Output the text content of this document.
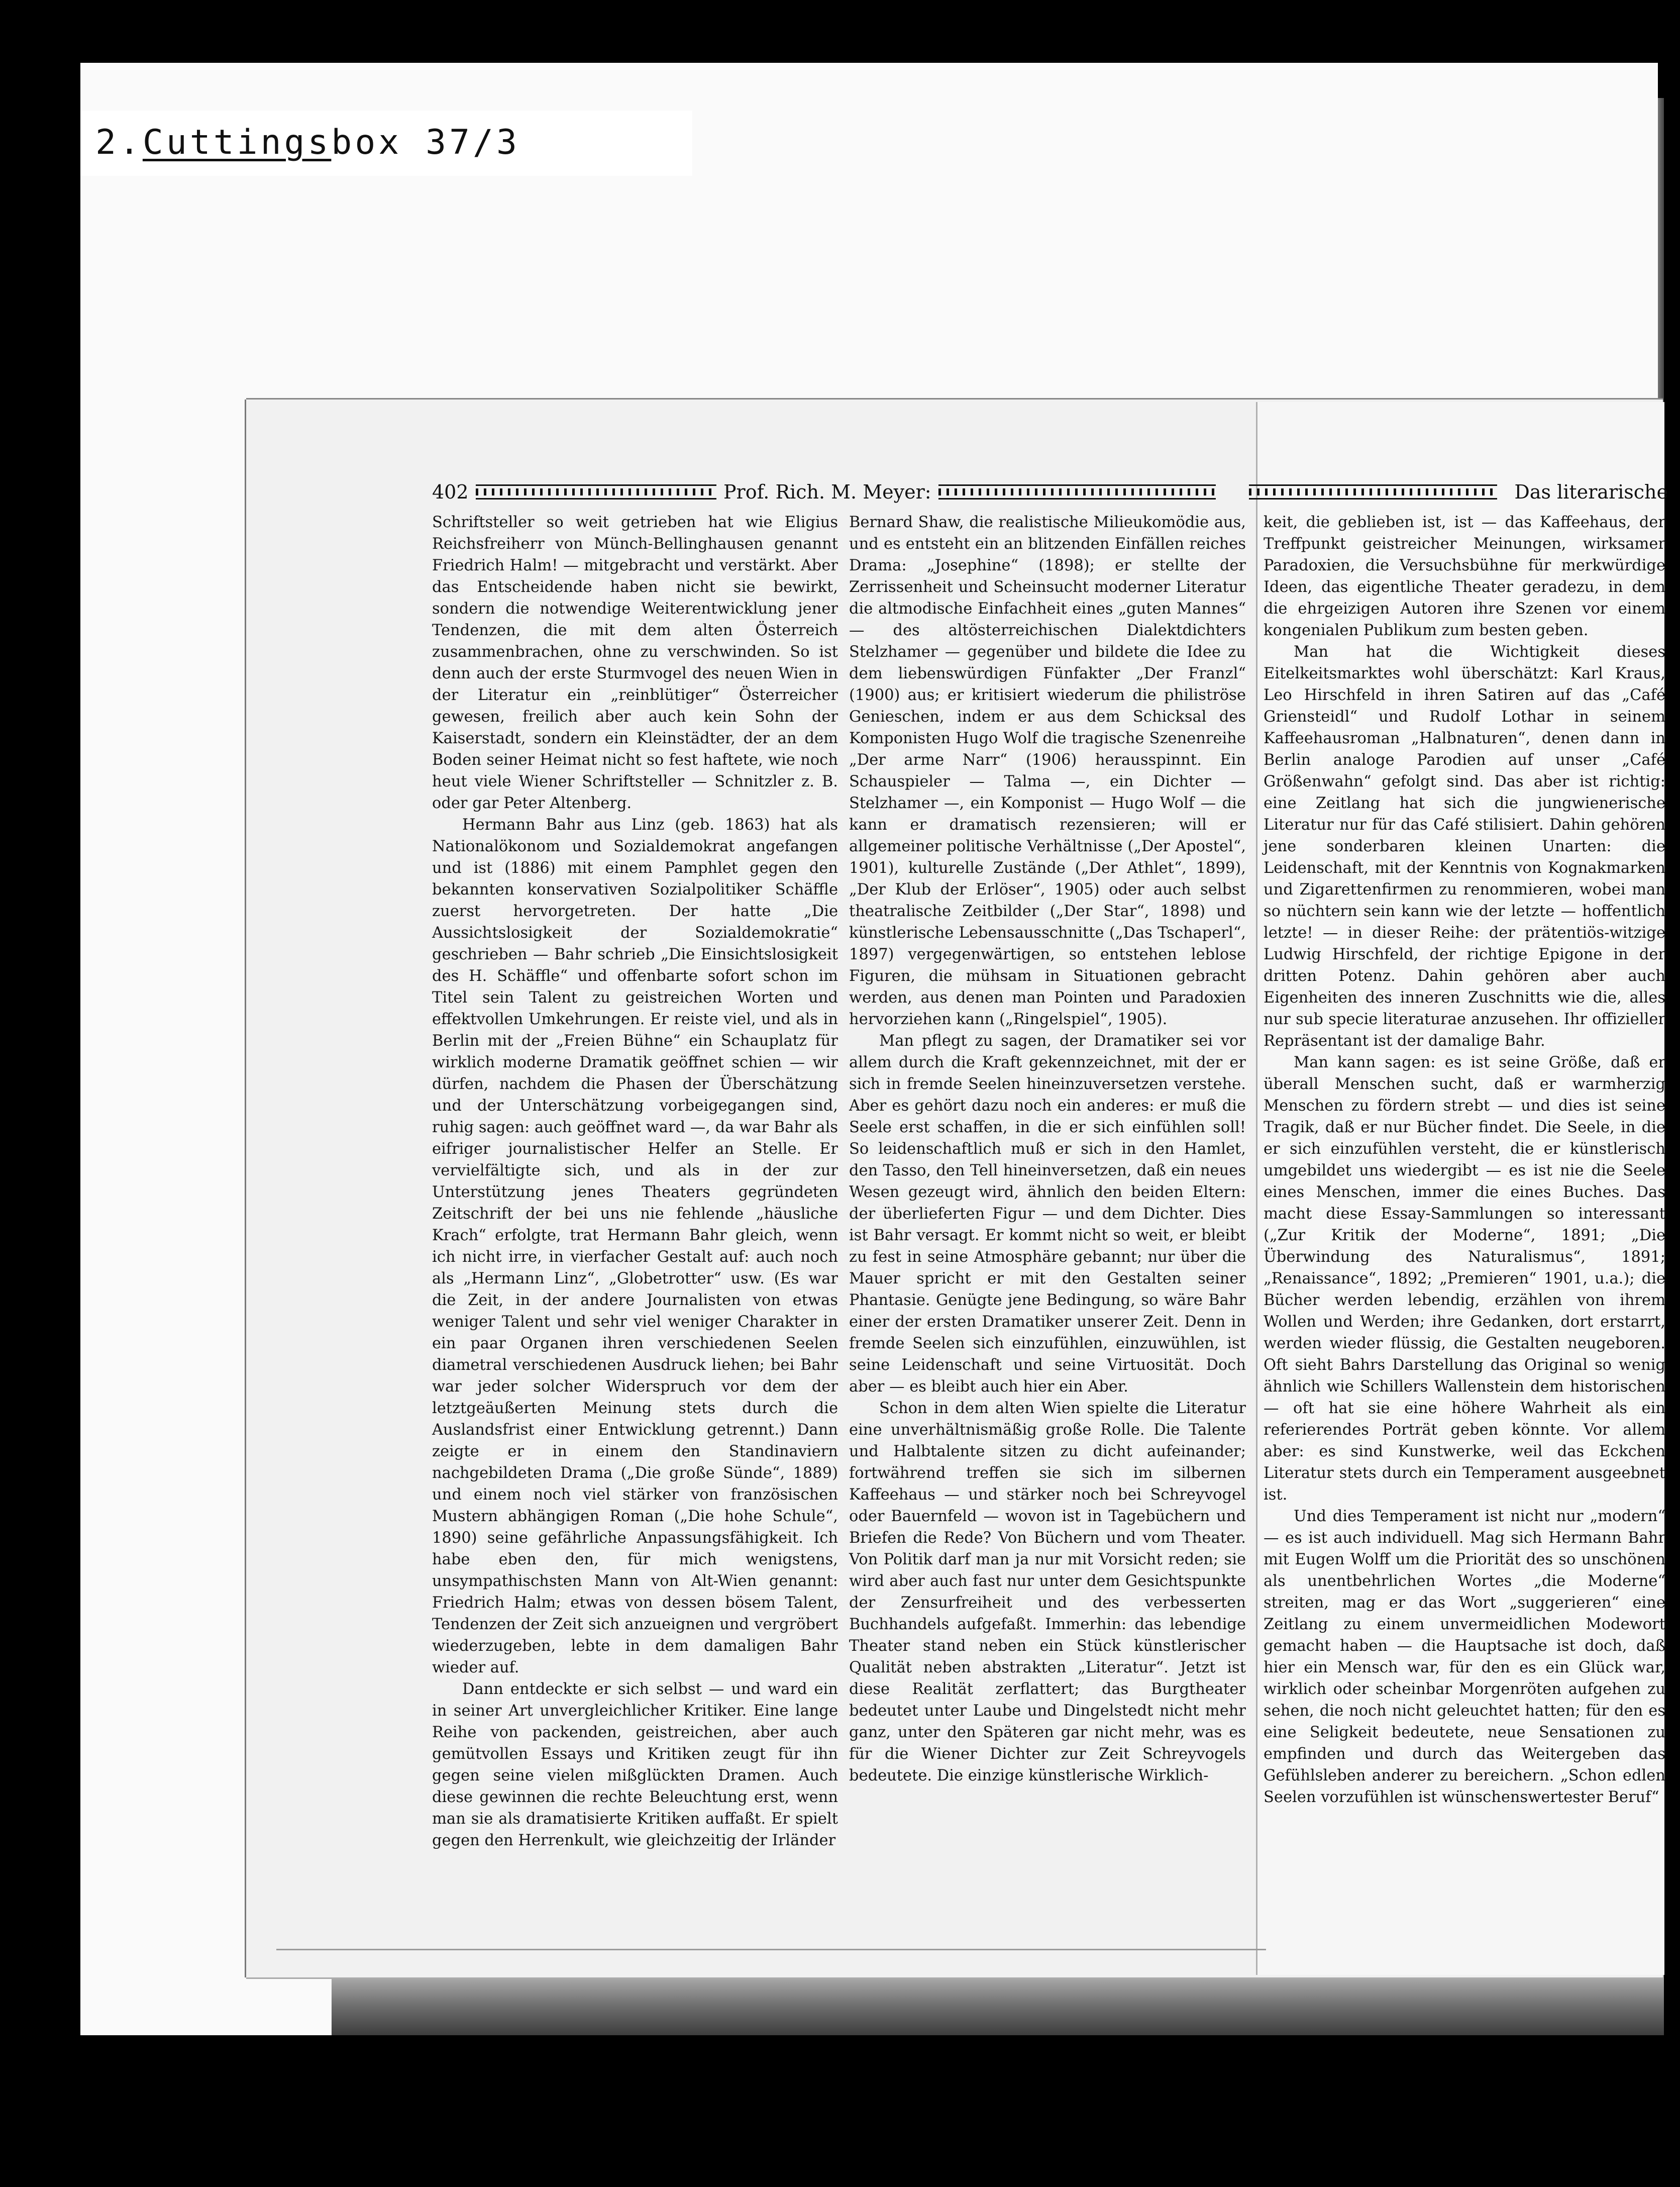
2. Cuttings box 37/3
402	Prof. Rich. M. Meyer:	Das literarische

Schriftsteller so weit getrieben hat wie Eligius Reichsfreiherr von Münch-Bellinghausen genannt Friedrich Halm! — mitgebracht und verstärkt. Aber das Entscheidende haben nicht sie bewirkt, sondern die notwendige Weiterentwicklung jener Tendenzen, die mit dem alten Österreich zusammenbrachen, ohne zu verschwinden. So ist denn auch der erste Sturmvogel des neuen Wien in der Literatur ein „reinblütiger“ Österreicher gewesen, freilich aber auch kein Sohn der Kaiserstadt, sondern ein Kleinstädter, der an dem Boden seiner Heimat nicht so fest haftete, wie noch heut viele Wiener Schriftsteller — Schnitzler z. B. oder gar Peter Altenberg.

Hermann Bahr aus Linz (geb. 1863) hat als Nationalökonom und Sozialdemokrat angefangen und ist (1886) mit einem Pamphlet gegen den bekannten konservativen Sozialpolitiker Schäffle zuerst hervorgetreten. Der hatte „Die Aussichtslosigkeit der Sozialdemokratie“ geschrieben — Bahr schrieb „Die Einsichtslosigkeit des H. Schäffle“ und offenbarte sofort schon im Titel sein Talent zu geistreichen Worten und effektvollen Umkehrungen. Er reiste viel, und als in Berlin mit der „Freien Bühne“ ein Schauplatz für wirklich moderne Dramatik geöffnet schien — wir dürfen, nachdem die Phasen der Überschätzung und der Unterschätzung vorbeigegangen sind, ruhig sagen: auch geöffnet ward —, da war Bahr als eifriger journalistischer Helfer an Stelle. Er vervielfältigte sich, und als in der zur Unterstützung jenes Theaters gegründeten Zeitschrift der bei uns nie fehlende „häusliche Krach“ erfolgte, trat Hermann Bahr gleich, wenn ich nicht irre, in vierfacher Gestalt auf: auch noch als „Hermann Linz“, „Globetrotter“ usw. (Es war die Zeit, in der andere Journalisten von etwas weniger Talent und sehr viel weniger Charakter in ein paar Organen ihren verschiedenen Seelen diametral verschiedenen Ausdruck liehen; bei Bahr war jeder solcher Widerspruch vor dem der letztgeäußerten Meinung stets durch die Auslandsfrist einer Entwicklung getrennt.) Dann zeigte er in einem den Standinaviern nachgebildeten Drama („Die große Sünde“, 1889) und einem noch viel stärker von französischen Mustern abhängigen Roman („Die hohe Schule“, 1890) seine gefährliche Anpassungsfähigkeit. Ich habe eben den, für mich wenigstens, unsympathischsten Mann von Alt-Wien genannt: Friedrich Halm; etwas von dessen bösem Talent, Tendenzen der Zeit sich anzueignen und vergröbert wiederzugeben, lebte in dem damaligen Bahr wieder auf.

Dann entdeckte er sich selbst — und ward ein in seiner Art unvergleichlicher Kritiker. Eine lange Reihe von packenden, geistreichen, aber auch gemütvollen Essays und Kritiken zeugt für ihn gegen seine vielen mißglückten Dramen. Auch diese gewinnen die rechte Beleuchtung erst, wenn man sie als dramatisierte Kritiken auffaßt. Er spielt gegen den Herrenkult, wie gleichzeitig der Irländer

Bernard Shaw, die realistische Milieukomödie aus, und es entsteht ein an blitzenden Einfällen reiches Drama: „Josephine“ (1898); er stellte der Zerrissenheit und Scheinsucht moderner Literatur die altmodische Einfachheit eines „guten Mannes“ — des altösterreichischen Dialektdichters Stelzhamer — gegenüber und bildete die Idee zu dem liebenswürdigen Fünfakter „Der Franzl“ (1900) aus; er kritisiert wiederum die philiströse Genieschen, indem er aus dem Schicksal des Komponisten Hugo Wolf die tragische Szenenreihe „Der arme Narr“ (1906) herausspinnt. Ein Schauspieler — Talma —, ein Dichter — Stelzhamer —, ein Komponist — Hugo Wolf — die kann er dramatisch rezensieren; will er allgemeiner politische Verhältnisse („Der Apostel“, 1901), kulturelle Zustände („Der Athlet“, 1899), „Der Klub der Erlöser“, 1905) oder auch selbst theatralische Zeitbilder („Der Star“, 1898) und künstlerische Lebensausschnitte („Das Tschaperl“, 1897) vergegenwärtigen, so entstehen leblose Figuren, die mühsam in Situationen gebracht werden, aus denen man Pointen und Paradoxien hervorziehen kann („Ringelspiel“, 1905).

Man pflegt zu sagen, der Dramatiker sei vor allem durch die Kraft gekennzeichnet, mit der er sich in fremde Seelen hineinzuversetzen verstehe. Aber es gehört dazu noch ein anderes: er muß die Seele erst schaffen, in die er sich einfühlen soll! So leidenschaftlich muß er sich in den Hamlet, den Tasso, den Tell hineinversetzen, daß ein neues Wesen gezeugt wird, ähnlich den beiden Eltern: der überlieferten Figur — und dem Dichter. Dies ist Bahr versagt. Er kommt nicht so weit, er bleibt zu fest in seine Atmosphäre gebannt; nur über die Mauer spricht er mit den Gestalten seiner Phantasie. Genügte jene Bedingung, so wäre Bahr einer der ersten Dramatiker unserer Zeit. Denn in fremde Seelen sich einzufühlen, einzuwühlen, ist seine Leidenschaft und seine Virtuosität. Doch aber — es bleibt auch hier ein Aber.

Schon in dem alten Wien spielte die Literatur eine unverhältnismäßig große Rolle. Die Talente und Halbtalente sitzen zu dicht aufeinander; fortwährend treffen sie sich im silbernen Kaffeehaus — und stärker noch bei Schreyvogel oder Bauernfeld — wovon ist in Tagebüchern und Briefen die Rede? Von Büchern und vom Theater. Von Politik darf man ja nur mit Vorsicht reden; sie wird aber auch fast nur unter dem Gesichtspunkte der Zensurfreiheit und des verbesserten Buchhandels aufgefaßt. Immerhin: das lebendige Theater stand neben ein Stück künstlerischer Qualität neben abstrakten „Literatur“. Jetzt ist diese Realität zerflattert; das Burgtheater bedeutet unter Laube und Dingelstedt nicht mehr ganz, unter den Späteren gar nicht mehr, was es für die Wiener Dichter zur Zeit Schreyvogels bedeutete. Die einzige künstlerische Wirklich-

keit, die geblieben ist, ist — das Kaffeehaus, der Treffpunkt geistreicher Meinungen, wirksamer Paradoxien, die Versuchsbühne für merkwürdige Ideen, das eigentliche Theater geradezu, in dem die ehrgeizigen Autoren ihre Szenen vor einem kongenialen Publikum zum besten geben.

Man hat die Wichtigkeit dieses Eitelkeitsmarktes wohl überschätzt: Karl Kraus, Leo Hirschfeld in ihren Satiren auf das „Café Griensteidl“ und Rudolf Lothar in seinem Kaffeehausroman „Halbnaturen“, denen dann in Berlin analoge Parodien auf unser „Café Größenwahn“ gefolgt sind. Das aber ist richtig: eine Zeitlang hat sich die jungwienerische Literatur nur für das Café stilisiert. Dahin gehören jene sonderbaren kleinen Unarten: die Leidenschaft, mit der Kenntnis von Kognakmarken und Zigarettenfirmen zu renommieren, wobei man so nüchtern sein kann wie der letzte — hoffentlich letzte! — in dieser Reihe: der prätentiös-witzige Ludwig Hirschfeld, der richtige Epigone in der dritten Potenz. Dahin gehören aber auch Eigenheiten des inneren Zuschnitts wie die, alles nur sub specie literaturae anzusehen. Ihr offizieller Repräsentant ist der damalige Bahr.

Man kann sagen: es ist seine Größe, daß er überall Menschen sucht, daß er warmherzig Menschen zu fördern strebt — und dies ist seine Tragik, daß er nur Bücher findet. Die Seele, in die er sich einzufühlen versteht, die er künstlerisch umgebildet uns wiedergibt — es ist nie die Seele eines Menschen, immer die eines Buches. Das macht diese Essay-Sammlungen so interessant („Zur Kritik der Moderne“, 1891; „Die Überwindung des Naturalismus“, 1891; „Renaissance“, 1892; „Premieren“ 1901, u.a.); die Bücher werden lebendig, erzählen von ihrem Wollen und Werden; ihre Gedanken, dort erstarrt, werden wieder flüssig, die Gestalten neugeboren. Oft sieht Bahrs Darstellung das Original so wenig ähnlich wie Schillers Wallenstein dem historischen — oft hat sie eine höhere Wahrheit als ein referierendes Porträt geben könnte. Vor allem aber: es sind Kunstwerke, weil das Eckchen Literatur stets durch ein Temperament ausgeebnet ist.

Und dies Temperament ist nicht nur „modern“ — es ist auch individuell. Mag sich Hermann Bahr mit Eugen Wolff um die Priorität des so unschönen als unentbehrlichen Wortes „die Moderne“ streiten, mag er das Wort „suggerieren“ eine Zeitlang zu einem unvermeidlichen Modewort gemacht haben — die Hauptsache ist doch, daß hier ein Mensch war, für den es ein Glück war, wirklich oder scheinbar Morgenröten aufgehen zu sehen, die noch nicht geleuchtet hatten; für den es eine Seligkeit bedeutete, neue Sensationen zu empfinden und durch das Weitergeben das Gefühlsleben anderer zu bereichern. „Schon edlen Seelen vorzufühlen ist wünschenswertester Beruf“
